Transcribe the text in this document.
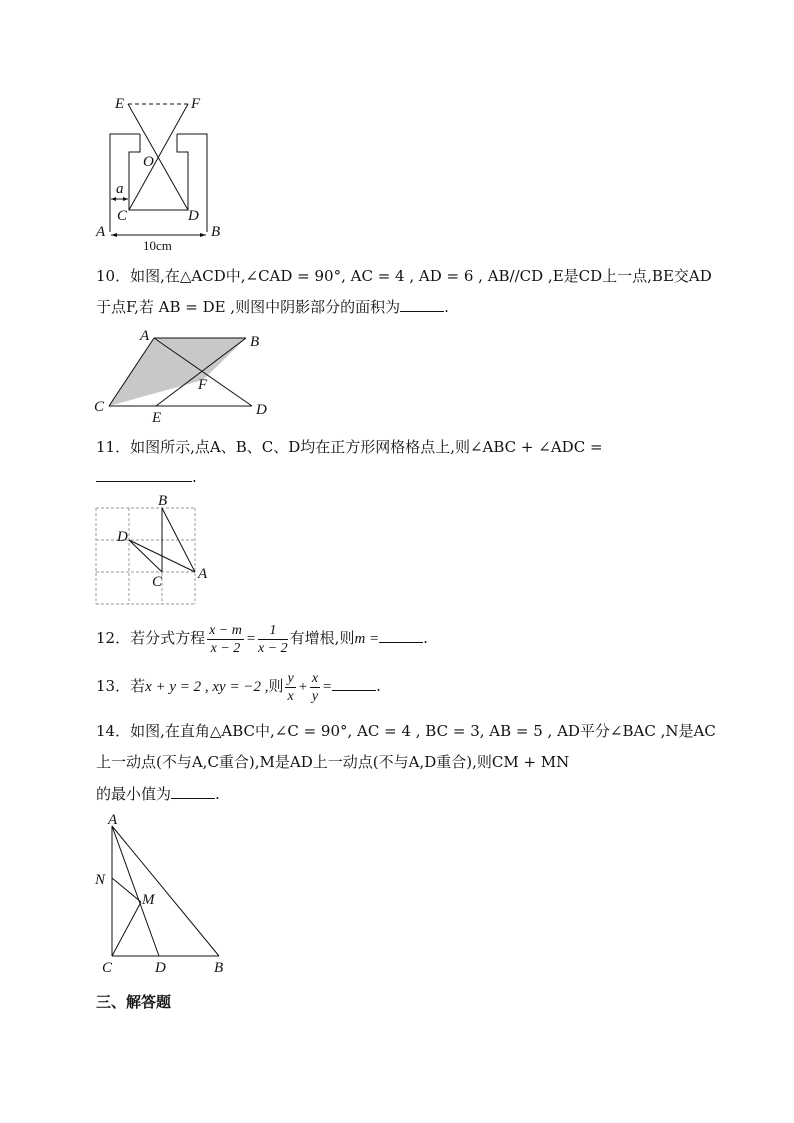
E	F
O
a
C	D
A	B
10cm
10．如图,在△ACD中,∠CAD = 90°, AC = 4 , AD = 6 , AB//CD ,E是CD上一点,BE交AD
于点F,若 AB = DE ,则图中阴影部分的面积为	.
A	B
F
C
E	D
11．如图所示,点A、B、C、D均在正方形网格格点上,则∠ABC + ∠ADC =
.
B
D
C A
12．若分式方程 $\frac{x - m}{x - 2} = \frac{1}{x - 2}$ 有增根,则m =	.
13．若x + y = 2 , xy = −2 ,则 $\frac{y}{x} + \frac{x}{y}$ =	.
14．如图,在直角△ABC中,∠C = 90°, AC = 4 , BC = 3, AB = 5 , AD平分∠BAC ,N是AC
上一动点(不与A,C重合),M是AD上一动点(不与A,D重合),则CM + MN
的最小值为	.
A
N
M
C	D	B
三、解答题
